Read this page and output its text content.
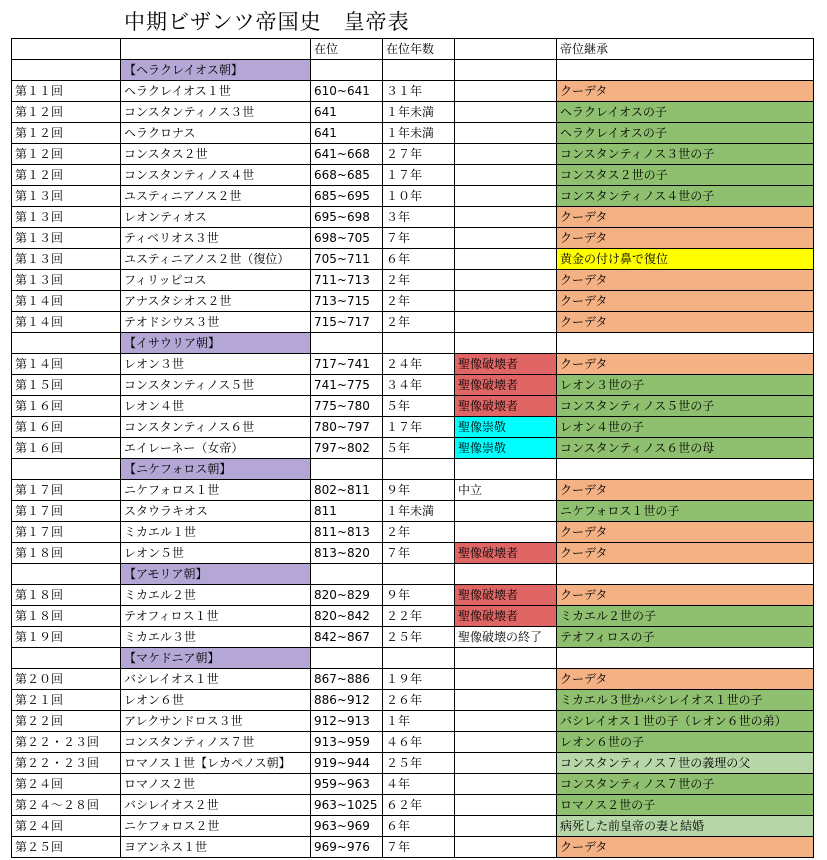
中期ビザンツ帝国史　皇帝表
		在位	在位年数		帝位継承
	【ヘラクレイオス朝】				
第１１回	ヘラクレイオス１世	610~641	３１年		クーデタ
第１２回	コンスタンティノス３世	641	１年未満		ヘラクレイオスの子
第１２回	ヘラクロナス	641	１年未満		ヘラクレイオスの子
第１２回	コンスタス２世	641~668	２７年		コンスタンティノス３世の子
第１２回	コンスタンティノス４世	668~685	１７年		コンスタス２世の子
第１３回	ユスティニアノス２世	685~695	１０年		コンスタンティノス４世の子
第１３回	レオンティオス	695~698	３年		クーデタ
第１３回	ティベリオス３世	698~705	７年		クーデタ
第１３回	ユスティニアノス２世（復位）	705~711	６年		黄金の付け鼻で復位
第１３回	フィリッピコス	711~713	２年		クーデタ
第１４回	アナスタシオス２世	713~715	２年		クーデタ
第１４回	テオドシウス３世	715~717	２年		クーデタ
	【イサウリア朝】				
第１４回	レオン３世	717~741	２４年	聖像破壊者	クーデタ
第１５回	コンスタンティノス５世	741~775	３４年	聖像破壊者	レオン３世の子
第１６回	レオン４世	775~780	５年	聖像破壊者	コンスタンティノス５世の子
第１６回	コンスタンティノス６世	780~797	１７年	聖像崇敬	レオン４世の子
第１６回	エイレーネー（女帝）	797~802	５年	聖像崇敬	コンスタンティノス６世の母
	【ニケフォロス朝】				
第１７回	ニケフォロス１世	802~811	９年	中立	クーデタ
第１７回	スタウラキオス	811	１年未満		ニケフォロス１世の子
第１７回	ミカエル１世	811~813	２年		クーデタ
第１８回	レオン５世	813~820	７年	聖像破壊者	クーデタ
	【アモリア朝】				
第１８回	ミカエル２世	820~829	９年	聖像破壊者	クーデタ
第１８回	テオフィロス１世	820~842	２２年	聖像破壊者	ミカエル２世の子
第１９回	ミカエル３世	842~867	２５年	聖像破壊の終了	テオフィロスの子
	【マケドニア朝】				
第２０回	バシレイオス１世	867~886	１９年		クーデタ
第２１回	レオン６世	886~912	２６年		ミカエル３世かバシレイオス１世の子
第２２回	アレクサンドロス３世	912~913	１年		バシレイオス１世の子（レオン６世の弟）
第２２・２３回	コンスタンティノス７世	913~959	４６年		レオン６世の子
第２２・２３回	ロマノス１世【レカペノス朝】	919~944	２５年		コンスタンティノス７世の義理の父
第２４回	ロマノス２世	959~963	４年		コンスタンティノス７世の子
第２４～２８回	バシレイオス２世	963~1025	６２年		ロマノス２世の子
第２４回	ニケフォロス２世	963~969	６年		病死した前皇帝の妻と結婚
第２５回	ヨアンネス１世	969~976	７年		クーデタ
